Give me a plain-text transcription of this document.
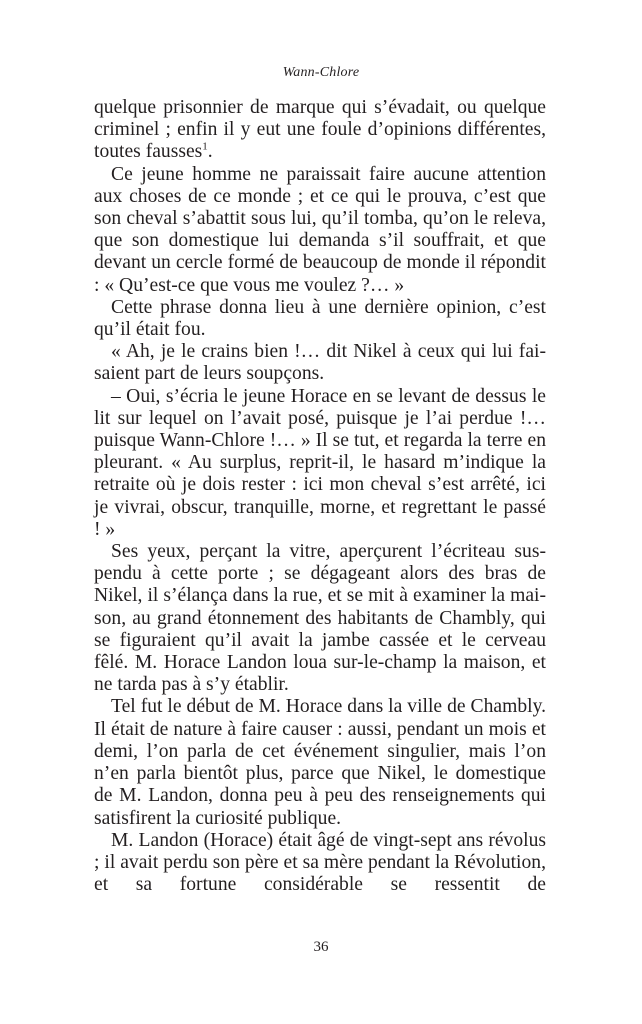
Wann-Chlore

quelque prisonnier de marque qui s’évadait, ou quelque criminel ; enfin il y eut une foule d’opinions différentes, toutes fausses$^1$.

Ce jeune homme ne paraissait faire aucune attention aux choses de ce monde ; et ce qui le prouva, c’est que son cheval s’abattit sous lui, qu’il tomba, qu’on le releva, que son domestique lui demanda s’il souffrait, et que devant un cercle formé de beaucoup de monde il répondit : « Qu’est-ce que vous me voulez ?… »

Cette phrase donna lieu à une dernière opinion, c’est qu’il était fou.

« Ah, je le crains bien !… dit Nikel à ceux qui lui faisaient part de leurs soupçons.

– Oui, s’écria le jeune Horace en se levant de dessus le lit sur lequel on l’avait posé, puisque je l’ai perdue !… puisque Wann-Chlore !… » Il se tut, et regarda la terre en pleurant. « Au surplus, reprit-il, le hasard m’indique la retraite où je dois rester : ici mon cheval s’est arrêté, ici je vivrai, obscur, tranquille, morne, et regrettant le passé ! »

Ses yeux, perçant la vitre, aperçurent l’écriteau suspendu à cette porte ; se dégageant alors des bras de Nikel, il s’élança dans la rue, et se mit à examiner la maison, au grand étonnement des habitants de Chambly, qui se figuraient qu’il avait la jambe cassée et le cerveau fêlé. M. Horace Landon loua sur-le-champ la maison, et ne tarda pas à s’y établir.

Tel fut le début de M. Horace dans la ville de Chambly. Il était de nature à faire causer : aussi, pendant un mois et demi, l’on parla de cet événement singulier, mais l’on n’en parla bientôt plus, parce que Nikel, le domestique de M. Landon, donna peu à peu des renseignements qui satisfirent la curiosité publique.

M. Landon (Horace) était âgé de vingt-sept ans révolus ; il avait perdu son père et sa mère pendant la Révolution, et sa fortune considérable se ressentit de

36
